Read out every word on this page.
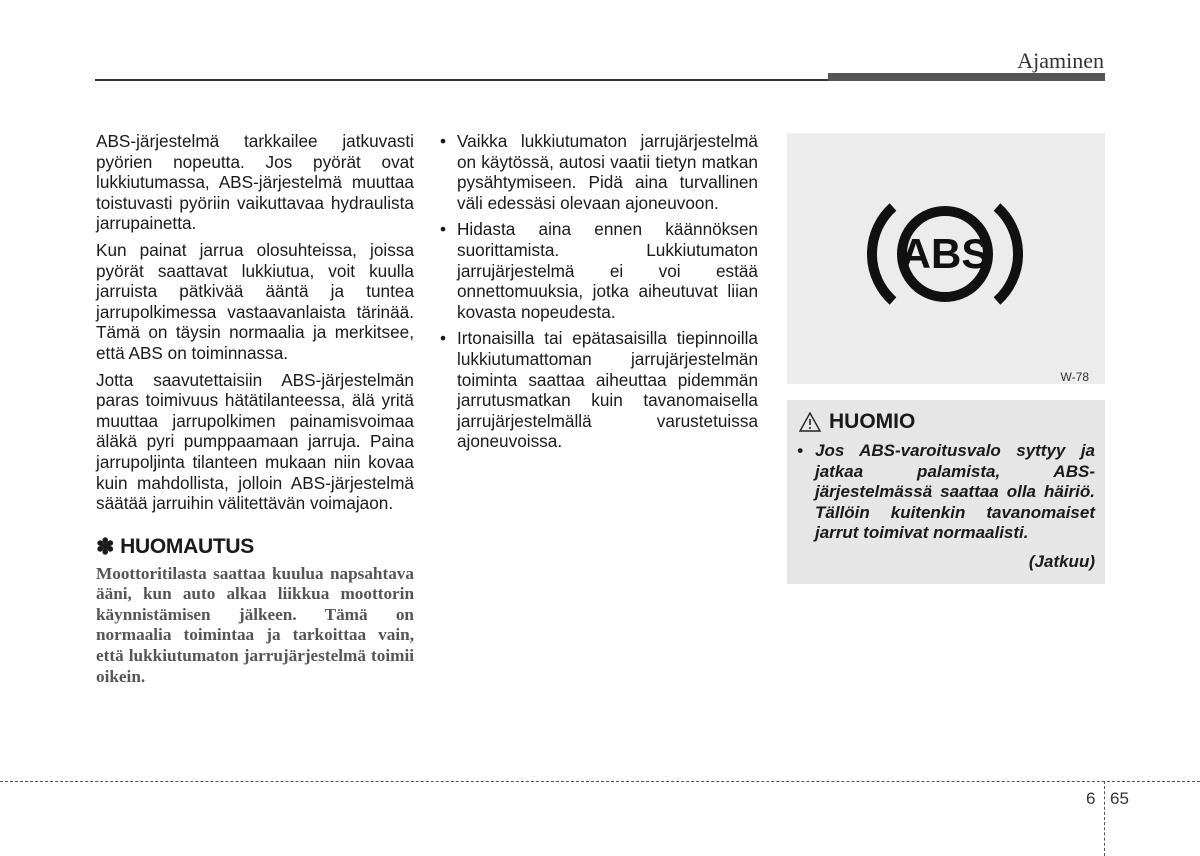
Ajaminen

ABS-järjestelmä tarkkailee jatkuvasti pyörien nopeutta. Jos pyörät ovat lukkiutumassa, ABS-järjestelmä muuttaa toistuvasti pyöriin vaikuttavaa hydraulista jarrupainetta.

Kun painat jarrua olosuhteissa, joissa pyörät saattavat lukkiutua, voit kuulla jarruista pätkivää ääntä ja tuntea jarrupolkimessa vastaavanlaista tärinää. Tämä on täysin normaalia ja merkitsee, että ABS on toiminnassa.

Jotta saavutettaisiin ABS-järjestelmän paras toimivuus hätätilanteessa, älä yritä muuttaa jarrupolkimen painamisvoimaa äläkä pyri pumppaamaan jarruja. Paina jarrupoljinta tilanteen mukaan niin kovaa kuin mahdollista, jolloin ABS-järjestelmä säätää jarruihin välitettävän voimajaon.

✽ HUOMAUTUS
Moottoritilasta saattaa kuulua napsahtava ääni, kun auto alkaa liikkua moottorin käynnistämisen jälkeen. Tämä on normaalia toimintaa ja tarkoittaa vain, että lukkiutumaton jarrujärjestelmä toimii oikein.
• Vaikka lukkiutumaton jarrujärjestelmä on käytössä, autosi vaatii tietyn matkan pysähtymiseen. Pidä aina turvallinen väli edessäsi olevaan ajoneuvoon.
• Hidasta aina ennen käännöksen suorittamista. Lukkiutumaton jarrujärjestelmä ei voi estää onnettomuuksia, jotka aiheutuvat liian kovasta nopeudesta.
• Irtonaisilla tai epätasaisilla tiepinnoilla lukkiutumattoman jarrujärjestelmän toiminta saattaa aiheuttaa pidemmän jarrutusmatkan kuin tavanomaisella jarrujärjestelmällä varustetuissa ajoneuvoissa.
ABS
W-78
HUOMIO
• Jos ABS-varoitusvalo syttyy ja jatkaa palamista, ABS-järjestelmässä saattaa olla häiriö. Tällöin kuitenkin tavanomaiset jarrut toimivat normaalisti.
(Jatkuu)
6 65
